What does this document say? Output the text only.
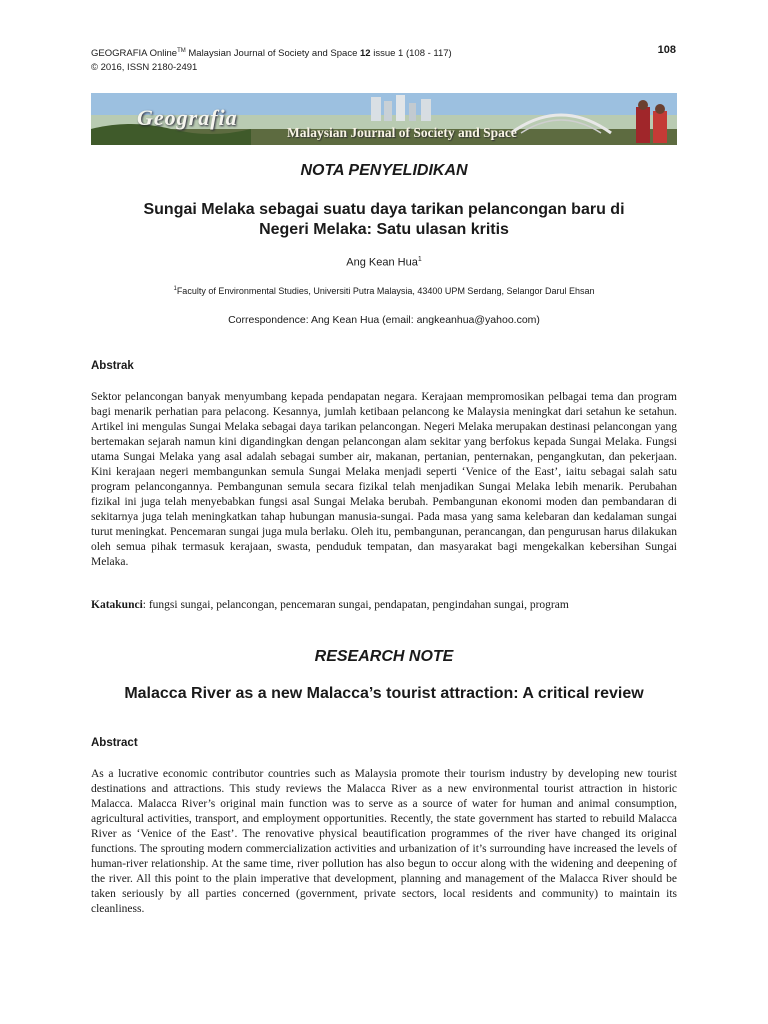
GEOGRAFIA Online™ Malaysian Journal of Society and Space 12 issue 1 (108 - 117)
© 2016, ISSN 2180-2491
108
Geografia
Malaysian Journal of Society and Space
NOTA PENYELIDIKAN
Sungai Melaka sebagai suatu daya tarikan pelancongan baru di
Negeri Melaka: Satu ulasan kritis
Ang Kean Hua$^1$
$^1$Faculty of Environmental Studies, Universiti Putra Malaysia, 43400 UPM Serdang, Selangor Darul Ehsan
Correspondence: Ang Kean Hua (email: angkeanhua@yahoo.com)
Abstrak
Sektor pelancongan banyak menyumbang kepada pendapatan negara. Kerajaan mempromosikan pelbagai tema dan program bagi menarik perhatian para pelacong. Kesannya, jumlah ketibaan pelancong ke Malaysia meningkat dari setahun ke setahun. Artikel ini mengulas Sungai Melaka sebagai daya tarikan pelancongan. Negeri Melaka merupakan destinasi pelancongan yang bertemakan sejarah namun kini digandingkan dengan pelancongan alam sekitar yang berfokus kepada Sungai Melaka. Fungsi utama Sungai Melaka yang asal adalah sebagai sumber air, makanan, pertanian, penternakan, pengangkutan, dan pekerjaan. Kini kerajaan negeri membangunkan semula Sungai Melaka menjadi seperti ‘Venice of the East’, iaitu sebagai salah satu program pelancongannya. Pembangunan semula secara fizikal telah menjadikan Sungai Melaka lebih menarik. Perubahan fizikal ini juga telah menyebabkan fungsi asal Sungai Melaka berubah. Pembangunan ekonomi moden dan pembandaran di sekitarnya juga telah meningkatkan tahap hubungan manusia-sungai. Pada masa yang sama kelebaran dan kedalaman sungai turut meningkat. Pencemaran sungai juga mula berlaku. Oleh itu, pembangunan, perancangan, dan pengurusan harus dilakukan oleh semua pihak termasuk kerajaan, swasta, penduduk tempatan, dan masyarakat bagi mengekalkan kebersihan Sungai Melaka.
Katakunci: fungsi sungai, pelancongan, pencemaran sungai, pendapatan, pengindahan sungai, program
RESEARCH NOTE
Malacca River as a new Malacca’s tourist attraction: A critical review
Abstract
As a lucrative economic contributor countries such as Malaysia promote their tourism industry by developing new tourist destinations and attractions. This study reviews the Malacca River as a new environmental tourist attraction in historic Malacca. Malacca River’s original main function was to serve as a source of water for human and animal consumption, agricultural activities, transport, and employment opportunities. Recently, the state government has started to rebuild Malacca River as ‘Venice of the East’. The renovative physical beautification programmes of the river have changed its original functions. The sprouting modern commercialization activities and urbanization of it’s surrounding have increased the levels of human-river relationship. At the same time, river pollution has also begun to occur along with the widening and deepening of the river. All this point to the plain imperative that development, planning and management of the Malacca River should be taken seriously by all parties concerned (government, private sectors, local residents and community) to maintain its cleanliness.
